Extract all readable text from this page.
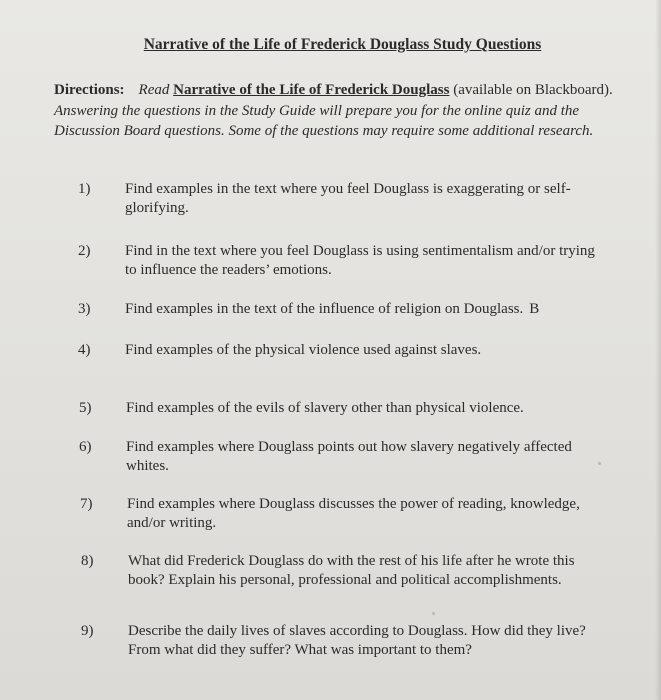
Narrative of the Life of Frederick Douglass Study Questions
Directions: Read Narrative of the Life of Frederick Douglass (available on Blackboard). Answering the questions in the Study Guide will prepare you for the online quiz and the Discussion Board questions. Some of the questions may require some additional research.
1)	Find examples in the text where you feel Douglass is exaggerating or self-glorifying.
2)	Find in the text where you feel Douglass is using sentimentalism and/or trying to influence the readers’ emotions.
3)	Find examples in the text of the influence of religion on Douglass. B
4)	Find examples of the physical violence used against slaves.
5)	Find examples of the evils of slavery other than physical violence.
6)	Find examples where Douglass points out how slavery negatively affected whites.
7)	Find examples where Douglass discusses the power of reading, knowledge, and/or writing.
8)	What did Frederick Douglass do with the rest of his life after he wrote this book? Explain his personal, professional and political accomplishments.
9)	Describe the daily lives of slaves according to Douglass. How did they live? From what did they suffer? What was important to them?
